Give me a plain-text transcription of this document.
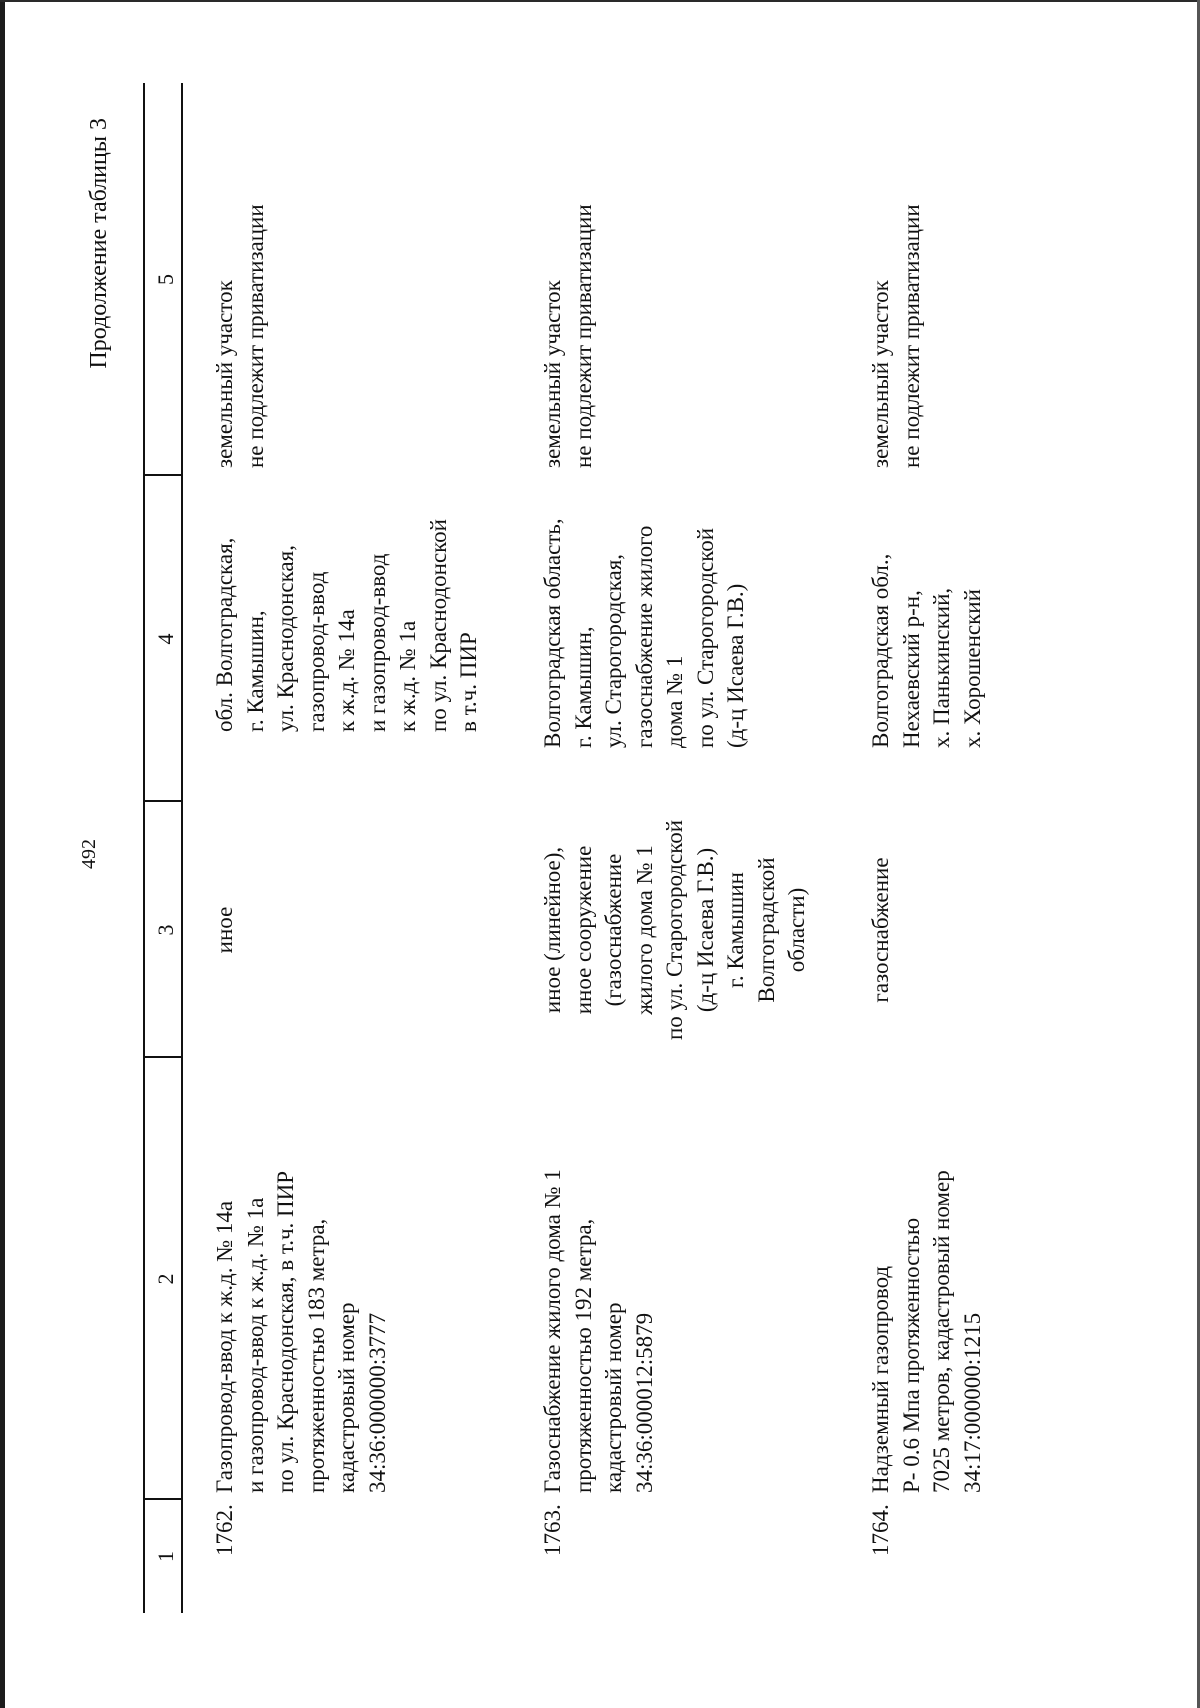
492
Продолжение таблицы 3
1
2
3
4
5
1762.
Газопровод-ввод к ж.д. № 14а и газопровод-ввод к ж.д. № 1а по ул. Краснодонская, в т.ч. ПИР протяженностью 183 метра, кадастровый номер 34:36:000000:3777
иное
обл. Волгоградская, г. Камышин, ул. Краснодонская, газопровод-ввод к ж.д. № 14а и газопровод-ввод к ж.д. № 1а по ул. Краснодонской в т.ч. ПИР
земельный участок не подлежит приватизации
1763.
Газоснабжение жилого дома № 1 протяженностью 192 метра, кадастровый номер 34:36:000012:5879
иное (линейное), иное сооружение (газоснабжение жилого дома № 1 по ул. Старогородской (д-ц Исаева Г.В.) г. Камышин Волгоградской области)
Волгоградская область, г. Камышин, ул. Старогородская, газоснабжение жилого дома № 1 по ул. Старогородской (д-ц Исаева Г.В.)
земельный участок не подлежит приватизации
1764.
Надземный газопровод Р- 0.6 Мпа протяженностью 7025 метров, кадастровый номер 34:17:000000:1215
газоснабжение
Волгоградская обл., Нехаевский р-н, х. Панькинский, х. Хорошенский
земельный участок не подлежит приватизации
